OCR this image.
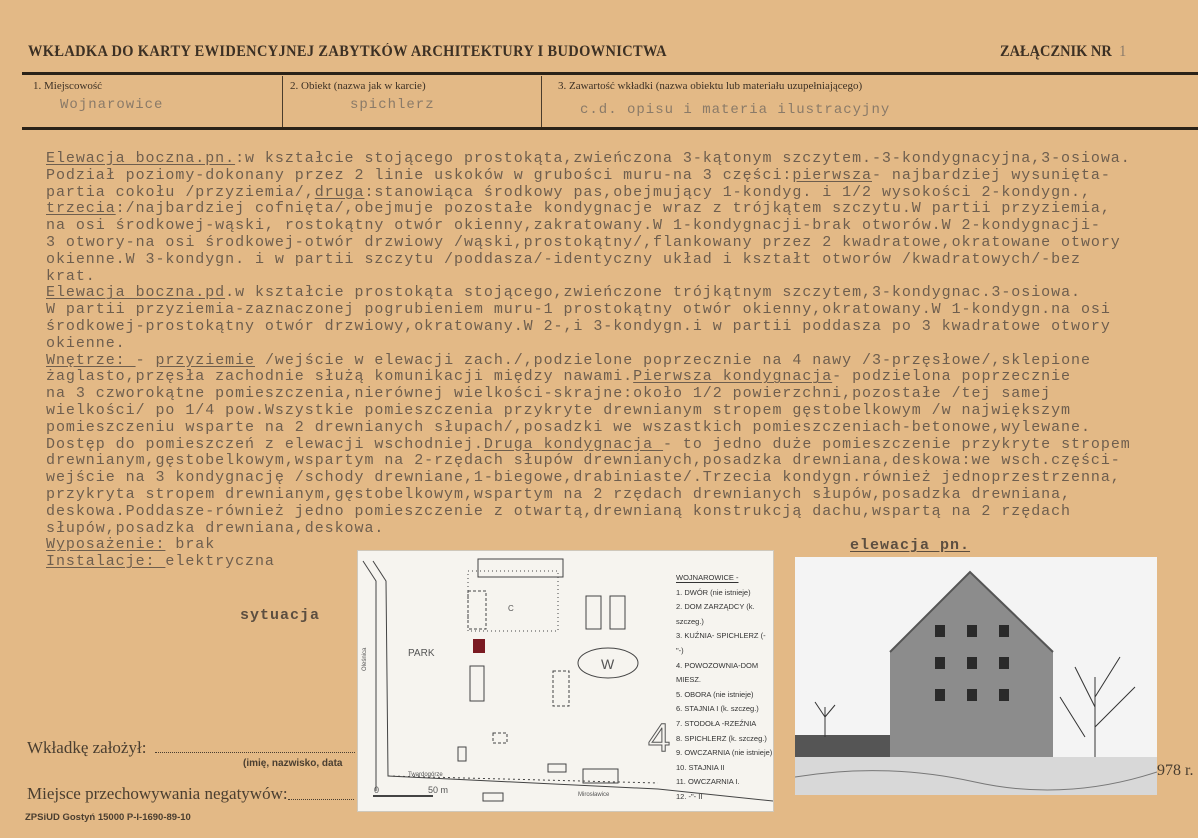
WKŁADKA DO KARTY EWIDENCYJNEJ ZABYTKÓW ARCHITEKTURY I BUDOWNICTWA	ZAŁĄCZNIK NR 1
1. Miejscowość
Wojnarowice
2. Obiekt (nazwa jak w karcie)
spichlerz
3. Zawartość wkładki (nazwa obiektu lub materiału uzupełniającego)
c.d. opisu i materia ilustracyjny
Elewacja boczna.pn.:w kształcie stojącego prostokąta,zwieńczona 3-kątonym szczytem.-3-kondygnacyjna,3-osiowa.
Podział poziomy-dokonany przez 2 linie uskoków w grubości muru-na 3 części:pierwsza- najbardziej wysunięta-
partia cokołu /przyziemia/,druga:stanowiąca środkowy pas,obejmujący 1-kondyg. i 1/2 wysokości 2-kondygn.,
trzecia:/najbardziej cofnięta/,obejmuje pozostałe kondygnacje wraz z trójkątem szczytu.W partii przyziemia,
na osi środkowej-wąski, rostokątny otwór okienny,zakratowany.W 1-kondygnacji-brak otworów.W 2-kondygnacji-
3 otwory-na osi środkowej-otwór drzwiowy /wąski,prostokątny/,flankowany przez 2 kwadratowe,okratowane otwory
okienne.W 3-kondygn. i w partii szczytu /poddasza/-identyczny układ i kształt otworów /kwadratowych/-bez
krat.
Elewacja boczna.pd.w kształcie prostokąta stojącego,zwieńczone trójkątnym szczytem,3-kondygnac.3-osiowa.
W partii przyziemia-zaznaczonej pogrubieniem muru-1 prostokątny otwór okienny,okratowany.W 1-kondygn.na osi
środkowej-prostokątny otwór drzwiowy,okratowany.W 2-,i 3-kondygn.i w partii poddasza po 3 kwadratowe otwory
okienne.
Wnętrze: - przyziemie /wejście w elewacji zach./,podzielone poprzecznie na 4 nawy /3-przęsłowe/,sklepione
żaglasto,przęsła zachodnie służą komunikacji między nawami.Pierwsza kondygnacja- podzielona poprzecznie
na 3 czworokątne pomieszczenia,nierównej wielkości-skrajne:około 1/2 powierzchni,pozostałe /tej samej
wielkości/ po 1/4 pow.Wszystkie pomieszczenia przykryte drewnianym stropem gęstobelkowym /w największym
pomieszczeniu wsparte na 2 drewnianych słupach/,posadzki we wszastkich pomieszczeniach-betonowe,wylewane.
Dostęp do pomieszczeń z elewacji wschodniej.Druga kondygnacja - to jedno duże pomieszczenie przykryte stropem
drewnianym,gęstobelkowym,wspartym na 2-rzędach słupów drewnianych,posadzka drewniana,deskowa:we wsch.części-
wejście na 3 kondygnację /schody drewniane,1-biegowe,drabiniaste/.Trzecia kondygn.również jednoprzestrzenna,
przykryta stropem drewnianym,gęstobelkowym,wspartym na 2 rzędach drewnianych słupów,posadzka drewniana,
deskowa.Poddasze-również jedno pomieszczenie z otwartą,drewnianą konstrukcją dachu,wspartą na 2 rzędach
słupów,posadzka drewniana,deskowa.
Wyposażenie: brak
Instalacje: elektryczna
sytuacja
elewacja pn.
PARK
Oleśnica
Twardogórze
Mirosławice
0	50 m
W
C
4
WOJNAROWICE -
1. DWÓR (nie istnieje)
2. DOM ZARZĄDCY (k. szczeg.)
3. KUŹNIA- SPICHLERZ (-"-)
4. POWOZOWNIA-DOM MIESZ.
5. OBORA (nie istnieje)
6. STAJNIA I (k. szczeg.)
7. STODOŁA -RZEŹNIA
8. SPICHLERZ (k. szczeg.)
9. OWCZARNIA (nie istnieje)
10. STAJNIA II
11. OWCZARNIA I.
12. -"- II
Wkładkę założył:
(imię, nazwisko, data	978 r.
Miejsce przechowywania negatywów:
ZPSiUD Gostyń 15000 P-I-1690-89-10
